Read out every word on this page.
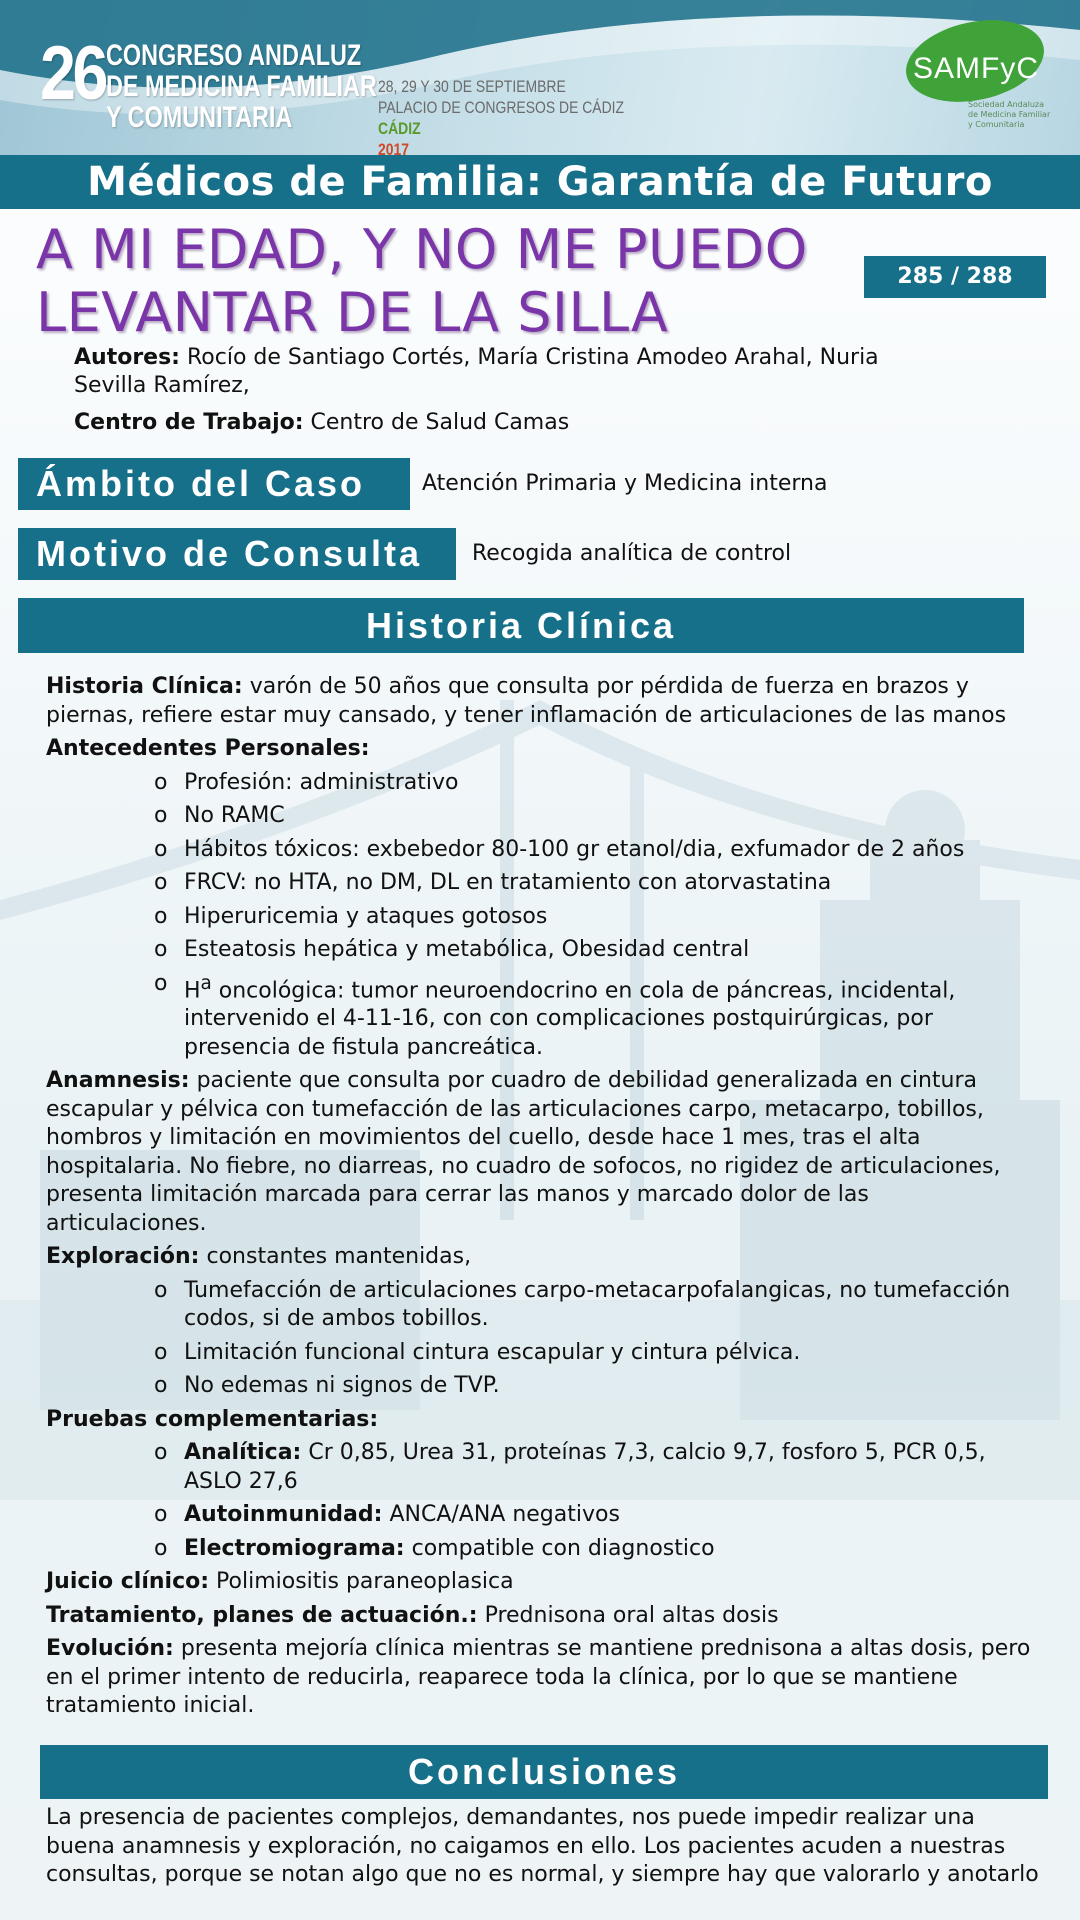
26 CONGRESO ANDALUZ
DE MEDICINA FAMILIAR
Y COMUNITARIA
28, 29 Y 30 DE SEPTIEMBRE
PALACIO DE CONGRESOS DE CÁDIZ
CÁDIZ
2017
SAMFyC
Sociedad Andaluza
de Medicina Familiar
y Comunitaria
Médicos de Familia: Garantía de Futuro
A MI EDAD, Y NO ME PUEDO
LEVANTAR DE LA SILLA
285 / 288
Autores: Rocío de Santiago Cortés, María Cristina Amodeo Arahal, Nuria Sevilla Ramírez,
Centro de Trabajo: Centro de Salud Camas
Ámbito del Caso	Atención Primaria y Medicina interna
Motivo de Consulta	Recogida analítica de control
Historia Clínica

Historia Clínica: varón de 50 años que consulta por pérdida de fuerza en brazos y piernas, refiere estar muy cansado, y tener inflamación de articulaciones de las manos

Antecedentes Personales:

o Profesión: administrativo
o No RAMC
o Hábitos tóxicos: exbebedor 80-100 gr etanol/dia, exfumador de 2 años
o FRCV: no HTA, no DM, DL en tratamiento con atorvastatina
o Hiperuricemia y ataques gotosos
o Esteatosis hepática y metabólica, Obesidad central
o $H^a$ oncológica: tumor neuroendocrino en cola de páncreas, incidental, intervenido el 4-11-16, con con complicaciones postquirúrgicas, por presencia de fistula pancreática.

Anamnesis: paciente que consulta por cuadro de debilidad generalizada en cintura escapular y pélvica con tumefacción de las articulaciones carpo, metacarpo, tobillos, hombros y limitación en movimientos del cuello, desde hace 1 mes, tras el alta hospitalaria. No fiebre, no diarreas, no cuadro de sofocos, no rigidez de articulaciones, presenta limitación marcada para cerrar las manos y marcado dolor de las articulaciones.

Exploración: constantes mantenidas,

o Tumefacción de articulaciones carpo-metacarpofalangicas, no tumefacción codos, si de ambos tobillos.
o Limitación funcional cintura escapular y cintura pélvica.
o No edemas ni signos de TVP.

Pruebas complementarias:

o Analítica: Cr 0,85, Urea 31, proteínas 7,3, calcio 9,7, fosforo 5, PCR 0,5, ASLO 27,6
o Autoinmunidad: ANCA/ANA negativos
o Electromiograma: compatible con diagnostico

Juicio clínico: Polimiositis paraneoplasica

Tratamiento, planes de actuación.: Prednisona oral altas dosis

Evolución: presenta mejoría clínica mientras se mantiene prednisona a altas dosis, pero en el primer intento de reducirla, reaparece toda la clínica, por lo que se mantiene tratamiento inicial.

Conclusiones
La presencia de pacientes complejos, demandantes, nos puede impedir realizar una buena anamnesis y exploración, no caigamos en ello. Los pacientes acuden a nuestras consultas, porque se notan algo que no es normal, y siempre hay que valorarlo y anotarlo
